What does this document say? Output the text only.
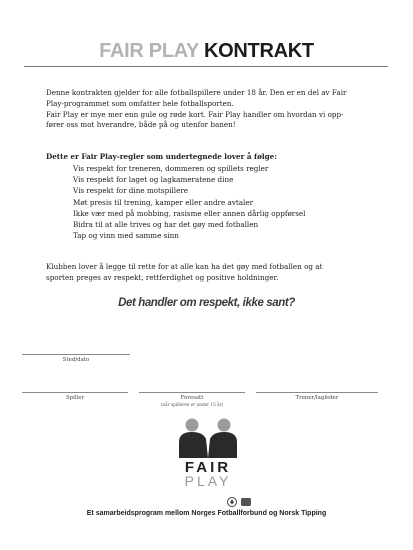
FAIR PLAY KONTRAKT

Denne kontrakten gjelder for alle fotballspillere under 18 år. Den er en del av Fair
Play-programmet som omfatter hele fotballsporten.
Fair Play er mye mer enn gule og røde kort. Fair Play handler om hvordan vi opp-
fører oss mot hverandre, både på og utenfor banen!

Dette er Fair Play-regler som undertegnede lover å følge:

Vis respekt for treneren, dommeren og spillets regler
Vis respekt for laget og lagkameratene dine
Vis respekt for dine motspillere
Møt presis til trening, kamper eller andre avtaler
Ikke vær med på mobbing, rasisme eller annen dårlig oppførsel
Bidra til at alle trives og har det gøy med fotballen
Tap og vinn med samme sinn

Klubben lover å legge til rette for at alle kan ha det gøy med fotballen og at
sporten preges av respekt, rettferdighet og positive holdninger.

Det handler om respekt, ikke sant?
Sted/dato
Spiller	Foresatt
(når spilleren er under 15 år)
Trener/lagleder
FAIR
PLAY
Et samarbeidsprogram mellom Norges Fotballforbund og Norsk Tipping
